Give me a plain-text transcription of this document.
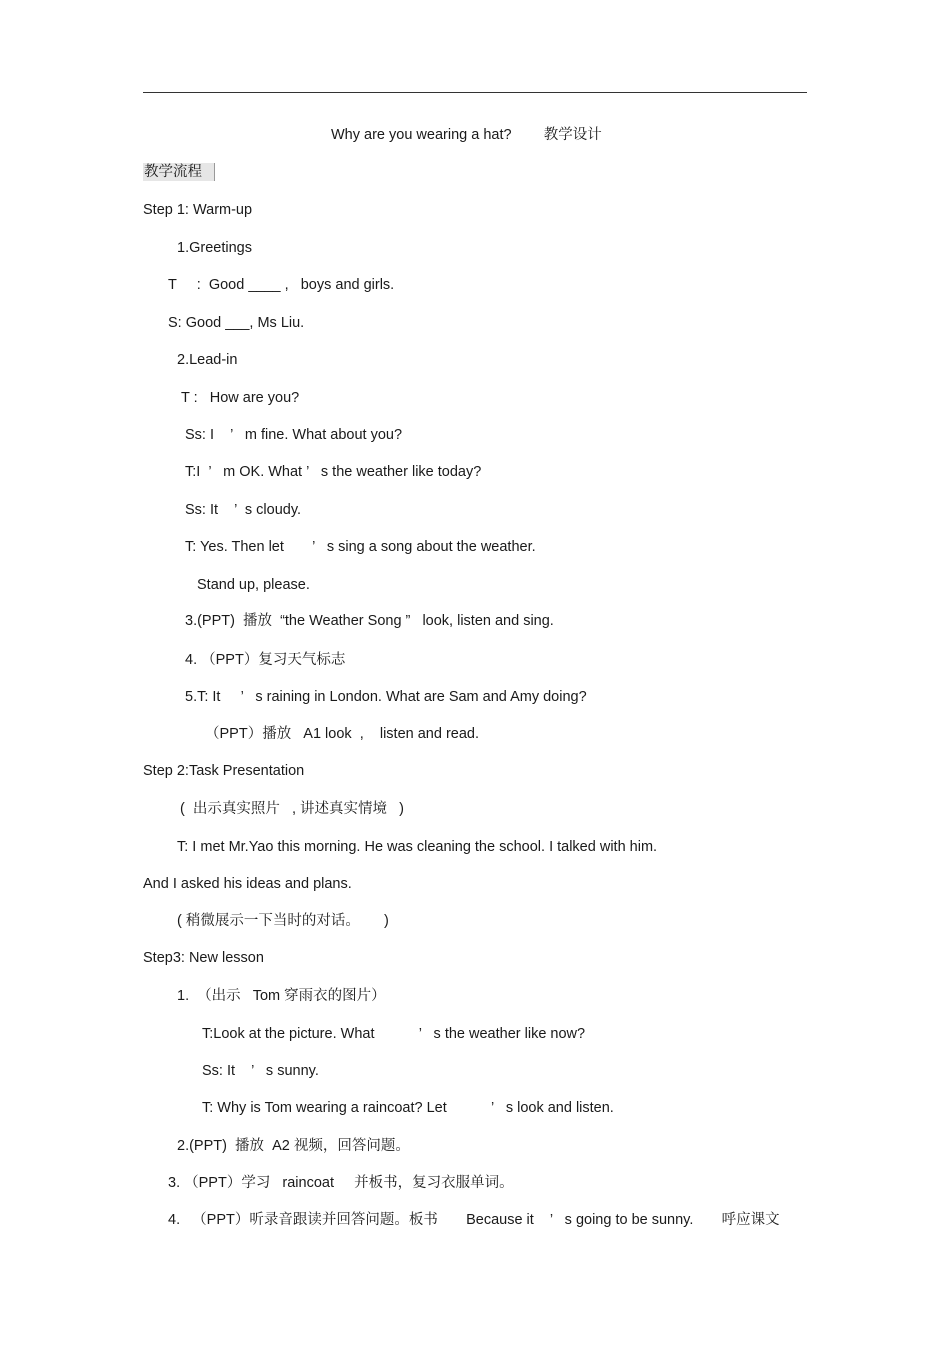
Why are you wearing a hat?        教学设计
教学流程
Step 1: Warm-up
1.Greetings
T     :  Good ____ ,   boys and girls.
S: Good ___, Ms Liu.
2.Lead-in
T :   How are you?
Ss: I    ’   m fine. What about you?
T:I  ’   m OK. What ’   s the weather like today?
Ss: It    ’  s cloudy.
T: Yes. Then let       ’   s sing a song about the weather.
Stand up, please.
3.(PPT)  播放  “the Weather Song ”   look, listen and sing.
4. （PPT）复习天气标志
5.T: It     ’   s raining in London. What are Sam and Amy doing?
（PPT）播放   A1 look  ,    listen and read.
Step 2:Task Presentation
(  出示真实照片   , 讲述真实情境   )
T: I met Mr.Yao this morning. He was cleaning the school. I talked with him.
And I asked his ideas and plans.
( 稍微展示一下当时的对话。      )
Step3: New lesson
1.  （出示   Tom 穿雨衣的图片）
T:Look at the picture. What           ’   s the weather like now?
Ss: It    ’   s sunny.
T: Why is Tom wearing a raincoat? Let           ’   s look and listen.
2.(PPT)  播放  A2 视频，回答问题。
3. （PPT）学习   raincoat     并板书，复习衣服单词。
4.   （PPT）听录音跟读并回答问题。板书       Because it    ’   s going to be sunny.       呼应课文
